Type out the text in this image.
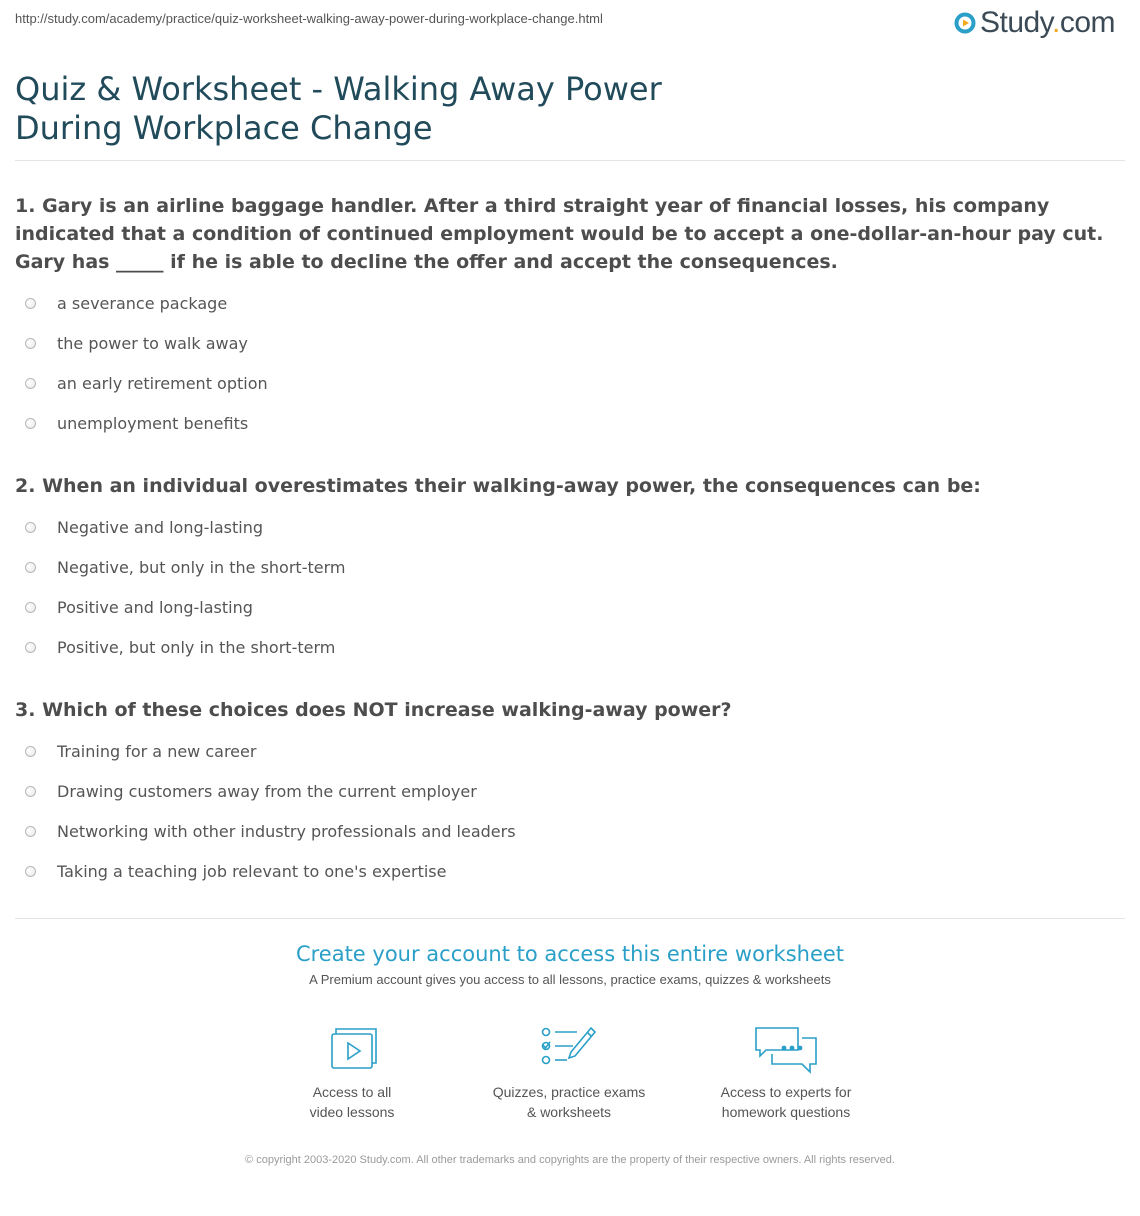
http://study.com/academy/practice/quiz-worksheet-walking-away-power-during-workplace-change.html	Study.com
Quiz & Worksheet - Walking Away Power During Workplace Change

1. Gary is an airline baggage handler. After a third straight year of financial losses, his company indicated that a condition of continued employment would be to accept a one-dollar-an-hour pay cut. Gary has _____ if he is able to decline the offer and accept the consequences.

a severance package
the power to walk away
an early retirement option
unemployment benefits

2. When an individual overestimates their walking-away power, the consequences can be:

Negative and long-lasting
Negative, but only in the short-term
Positive and long-lasting
Positive, but only in the short-term

3. Which of these choices does NOT increase walking-away power?

Training for a new career
Drawing customers away from the current employer
Networking with other industry professionals and leaders
Taking a teaching job relevant to one's expertise
Create your account to access this entire worksheet
A Premium account gives you access to all lessons, practice exams, quizzes & worksheets
Access to all
video lessons
Quizzes, practice exams
& worksheets
Access to experts for
homework questions
© copyright 2003-2020 Study.com. All other trademarks and copyrights are the property of their respective owners. All rights reserved.
